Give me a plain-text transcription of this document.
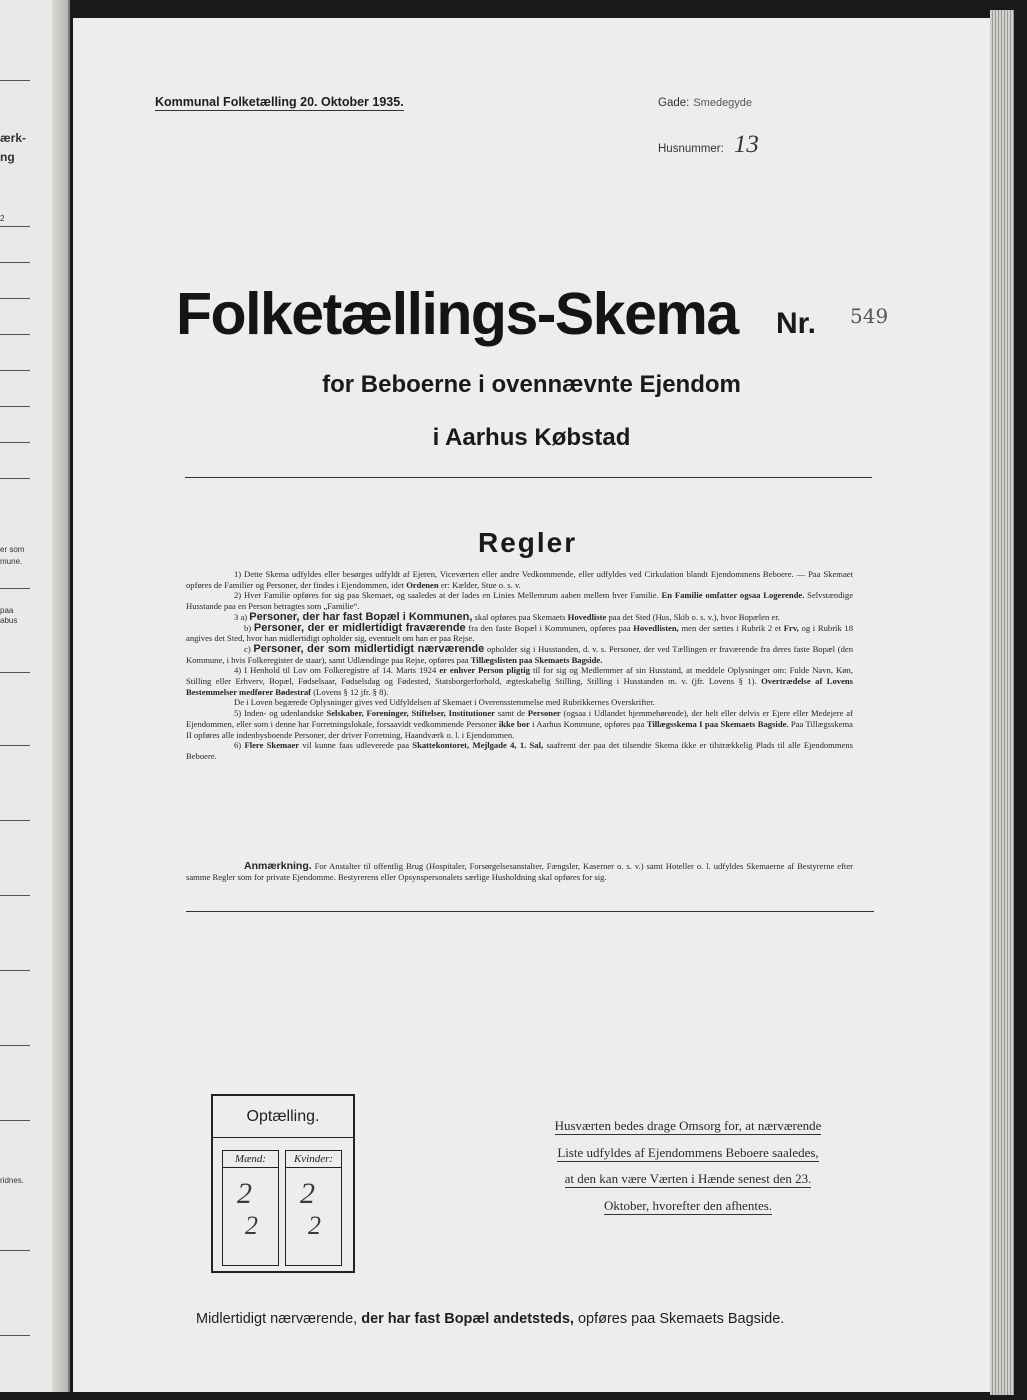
ærk-
ng
2
er som
mune.
paa
abus
ridnes.
Kommunal Folketælling 20. Oktober 1935.	Gade: Smedegyde
Husnummer: 13
Folketællings-Skema Nr. 549
for Beboerne i ovennævnte Ejendom
i Aarhus Købstad
Regler

1) Dette Skema udfyldes eller besørges udfyldt af Ejeren, Viceværten eller andre Vedkommende, eller udfyldes ved Cirkulation blandt Ejendommens Beboere. — Paa Skemaet opføres de Familier og Personer, der findes i Ejendommen, idet Ordenen er: Kælder, Stue o. s. v.

2) Hver Familie opføres for sig paa Skemaet, og saaledes at der lades en Linies Mellemrum aaben mellem hver Familie. En Familie omfatter ogsaa Logerende. Selvstændige Husstande paa en Person betragtes som „Familie“.

3 a) Personer, der har fast Bopæl i Kommunen, skal opføres paa Skemaets Hovedliste paa det Sted (Hus, Skib o. s. v.), hvor Bopælen er.

b) Personer, der er midlertidigt fraværende fra den faste Bopæl i Kommunen, opføres paa Hovedlisten, men der sættes i Rubrik 2 et Frv, og i Rubrik 18 angives det Sted, hvor han midlertidigt opholder sig, eventuelt om han er paa Rejse.

c) Personer, der som midlertidigt nærværende opholder sig i Husstanden, d. v. s. Personer, der ved Tællingen er fraværende fra deres faste Bopæl (den Kommune, i hvis Folkeregister de staar), samt Udlændinge paa Rejse, opføres paa Tillægslisten paa Skemaets Bagside.

4) I Henhold til Lov om Folkeregistre af 14. Marts 1924 er enhver Person pligtig til for sig og Medlemmer af sin Husstand, at meddele Oplysninger om: Fulde Navn, Køn, Stilling eller Erhverv, Bopæl, Fødselsaar, Fødselsdag og Fødested, Statsborgerforhold, ægteskabelig Stilling, Stilling i Husstanden m. v. (jfr. Lovens § 1). Overtrædelse af Lovens Bestemmelser medfører Bødestraf (Lovens § 12 jfr. § 8).

De i Loven begærede Oplysninger gives ved Udfyldelsen af Skemaet i Overensstemmelse med Rubrikkernes Overskrifter.

5) Inden- og udenlandske Selskaber, Foreninger, Stiftelser, Institutioner samt de Personer (ogsaa i Udlandet hjemmehørende), der helt eller delvis er Ejere eller Medejere af Ejendommen, eller som i denne har Forretningslokale, forsaavidt vedkommende Personer ikke bor i Aarhus Kommune, opføres paa Tillægsskema I paa Skemaets Bagside. Paa Tillægsskema II opføres alle indenbysboende Personer, der driver Forretning, Haandværk o. l. i Ejendommen.

6) Flere Skemaer vil kunne faas udleverede paa Skattekontoret, Mejlgade 4, 1. Sal, saafremt der paa det tilsendte Skema ikke er tilstrækkelig Plads til alle Ejendommens Beboere.

Anmærkning. For Anstalter til offentlig Brug (Hospitaler, Forsørgelsesanstalter, Fængsler, Kaserner o. s. v.) samt Hoteller o. l. udfyldes Skemaerne af Bestyrerne efter samme Regler som for private Ejendomme. Bestyrerens eller Opsynspersonalets særlige Husholdning skal opføres for sig.
Optælling.
Mænd:
2
2
Kvinder:
2
2
Husværten bedes drage Omsorg for, at nærværende
Liste udfyldes af Ejendommens Beboere saaledes,
at den kan være Værten i Hænde senest den 23.
Oktober, hvorefter den afhentes.
Midlertidigt nærværende, der har fast Bopæl andetsteds, opføres paa Skemaets Bagside.
